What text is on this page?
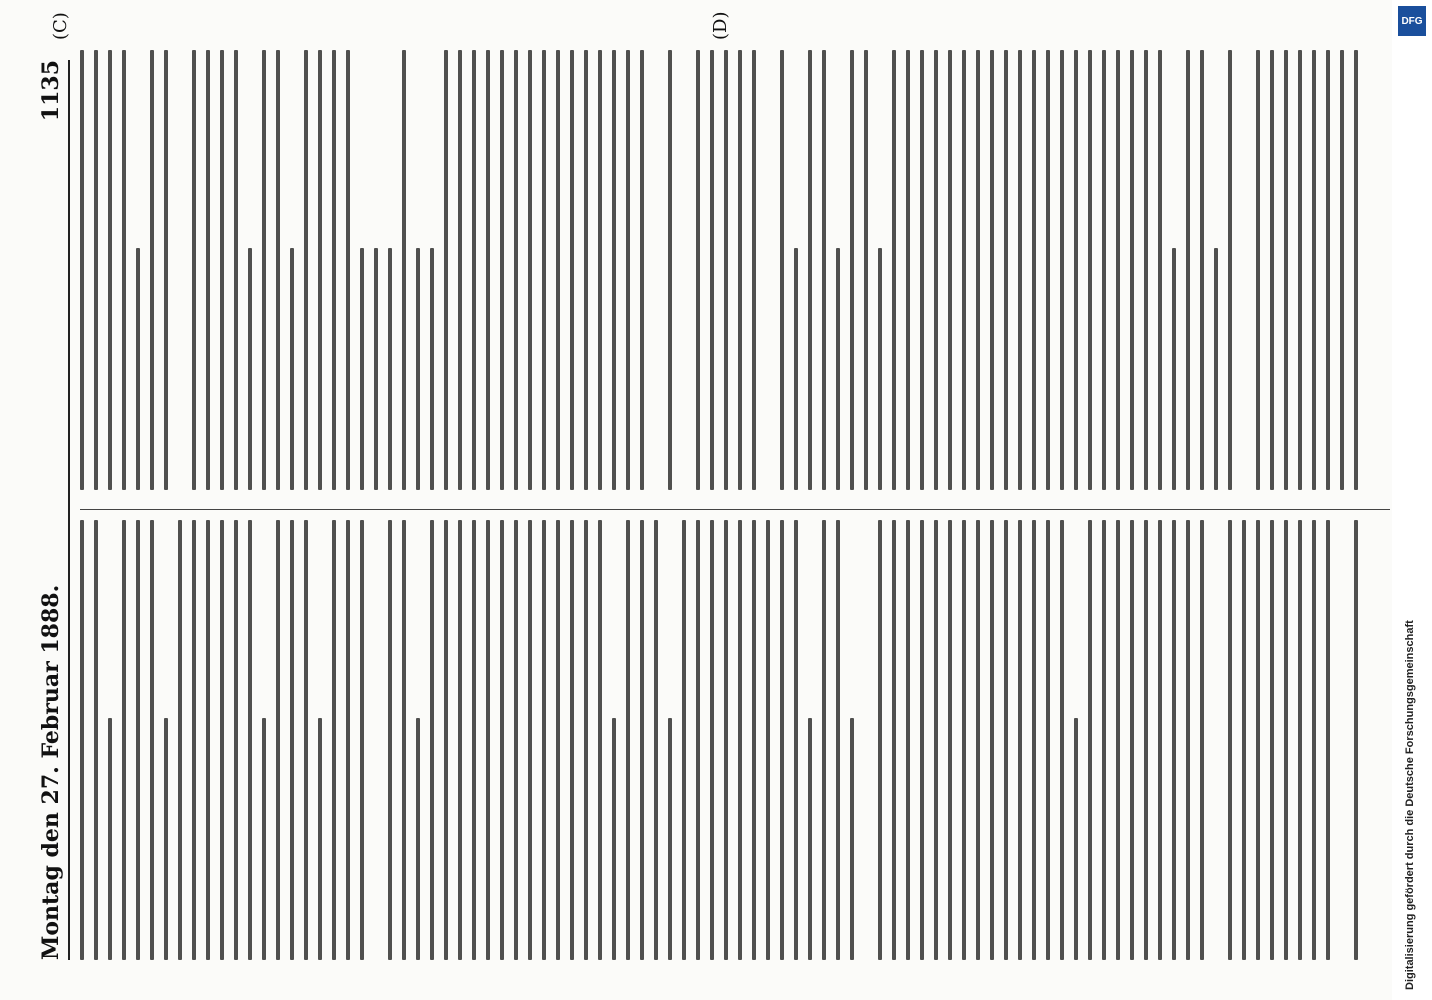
Montag den 27. Februar 1888.
1135
(C)	(D)	DFG
Digitalisierung gefördert durch die Deutsche Forschungsgemeinschaft
